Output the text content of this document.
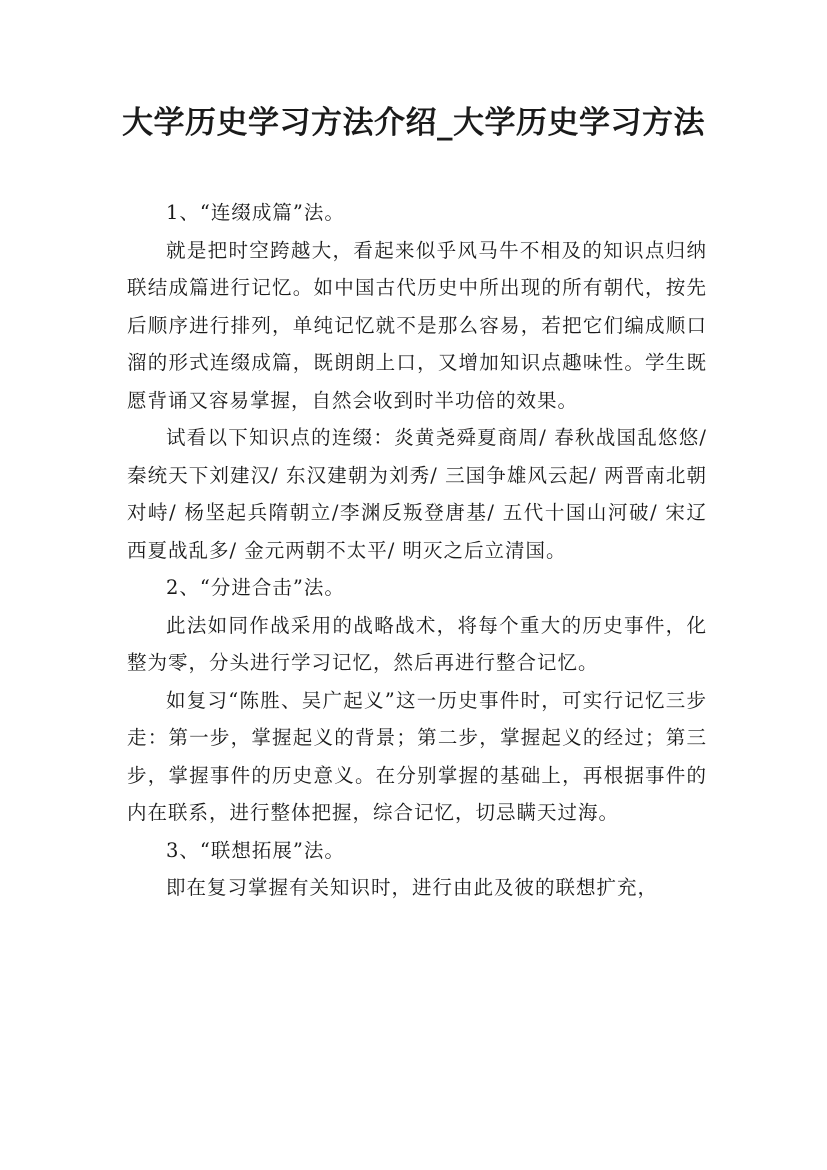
大学历史学习方法介绍_大学历史学习方法

1、“连缀成篇”法。

就是把时空跨越大，看起来似乎风马牛不相及的知识点归纳联结成篇进行记忆。如中国古代历史中所出现的所有朝代，按先后顺序进行排列，单纯记忆就不是那么容易，若把它们编成顺口溜的形式连缀成篇，既朗朗上口，又增加知识点趣味性。学生既愿背诵又容易掌握，自然会收到时半功倍的效果。

试看以下知识点的连缀：炎黄尧舜夏商周/ 春秋战国乱悠悠/ 秦统天下刘建汉/ 东汉建朝为刘秀/ 三国争雄风云起/ 两晋南北朝对峙/ 杨坚起兵隋朝立/李渊反叛登唐基/ 五代十国山河破/ 宋辽西夏战乱多/ 金元两朝不太平/ 明灭之后立清国。

2、“分进合击”法。

此法如同作战采用的战略战术，将每个重大的历史事件，化整为零，分头进行学习记忆，然后再进行整合记忆。

如复习“陈胜、吴广起义”这一历史事件时，可实行记忆三步走：第一步，掌握起义的背景；第二步，掌握起义的经过；第三步，掌握事件的历史意义。在分别掌握的基础上，再根据事件的内在联系，进行整体把握，综合记忆，切忌瞒天过海。

3、“联想拓展”法。

即在复习掌握有关知识时，进行由此及彼的联想扩充，
